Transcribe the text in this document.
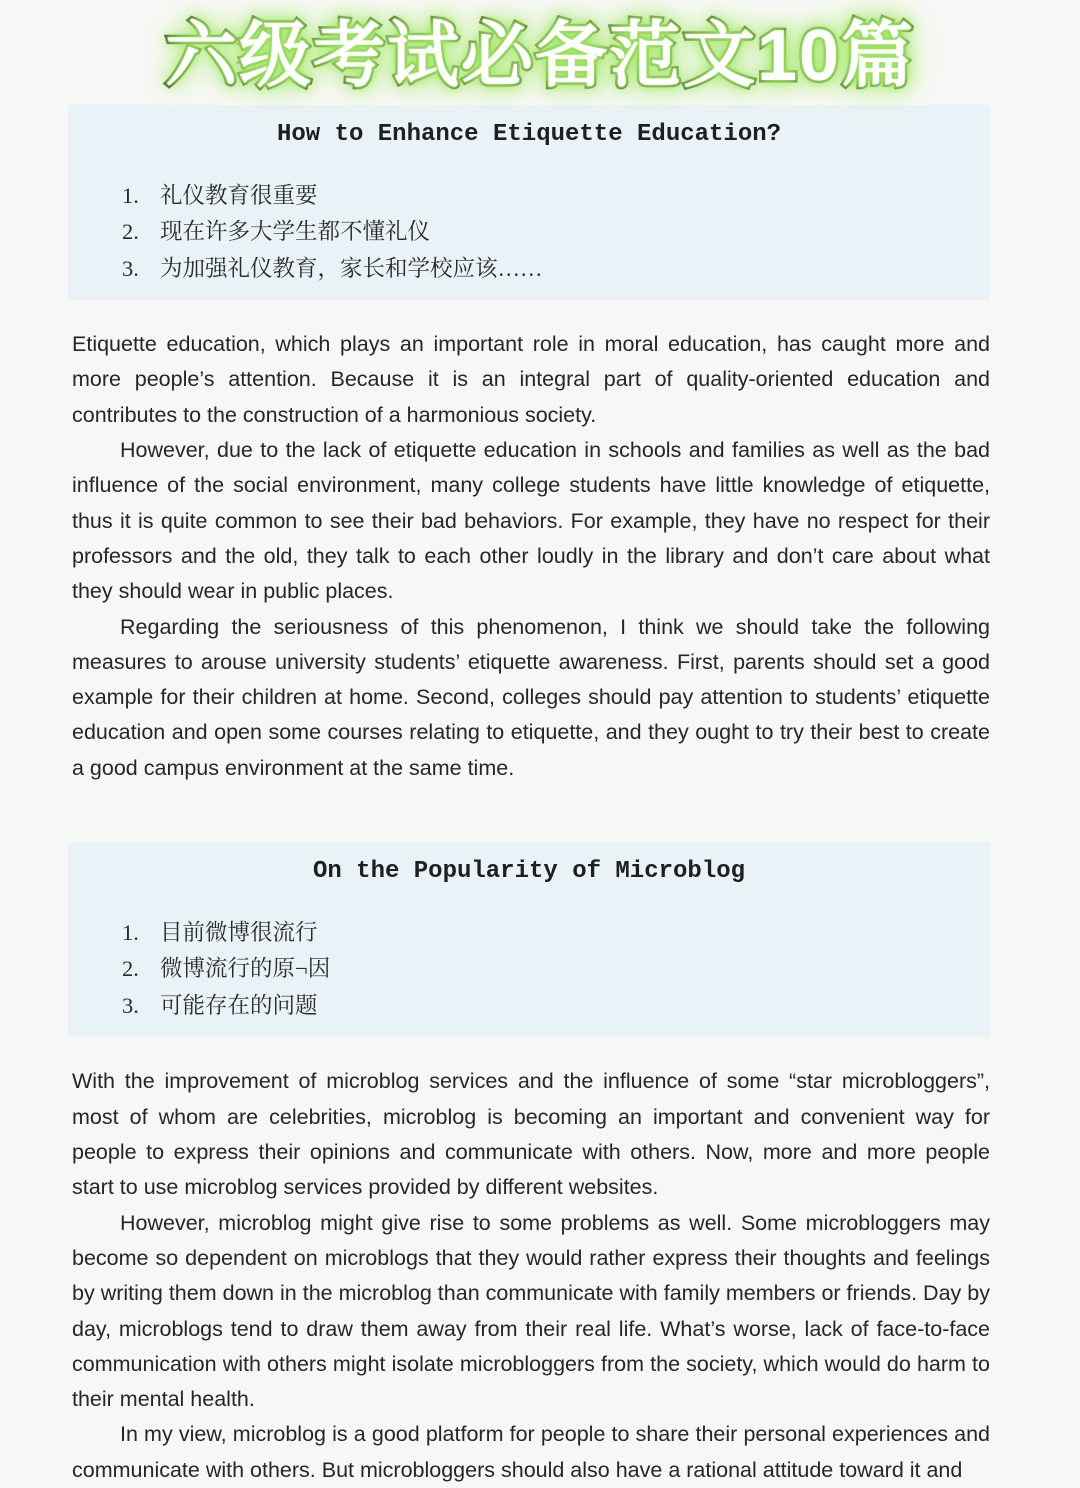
六级考试必备范文10篇
How to Enhance Etiquette Education?
1. 礼仪教育很重要
2. 现在许多大学生都不懂礼仪
3. 为加强礼仪教育，家长和学校应该……

Etiquette education, which plays an important role in moral education, has caught more and more people’s attention. Because it is an integral part of quality-oriented education and contributes to the construction of a harmonious society.

However, due to the lack of etiquette education in schools and families as well as the bad influence of the social environment, many college students have little knowledge of etiquette, thus it is quite common to see their bad behaviors. For example, they have no respect for their professors and the old, they talk to each other loudly in the library and don’t care about what they should wear in public places.

Regarding the seriousness of this phenomenon, I think we should take the following measures to arouse university students’ etiquette awareness. First, parents should set a good example for their children at home. Second, colleges should pay attention to students’ etiquette education and open some courses relating to etiquette, and they ought to try their best to create a good campus environment at the same time.

On the Popularity of Microblog
1. 目前微博很流行
2. 微博流行的原¬因
3. 可能存在的问题

With the improvement of microblog services and the influence of some “star microbloggers”, most of whom are celebrities, microblog is becoming an important and convenient way for people to express their opinions and communicate with others. Now, more and more people start to use microblog services provided by different websites.

However, microblog might give rise to some problems as well. Some microbloggers may become so dependent on microblogs that they would rather express their thoughts and feelings by writing them down in the microblog than communicate with family members or friends. Day by day, microblogs tend to draw them away from their real life. What’s worse, lack of face-to-face communication with others might isolate microbloggers from the society, which would do harm to their mental health.

In my view, microblog is a good platform for people to share their personal experiences and communicate with others. But microbloggers should also have a rational attitude toward it and
